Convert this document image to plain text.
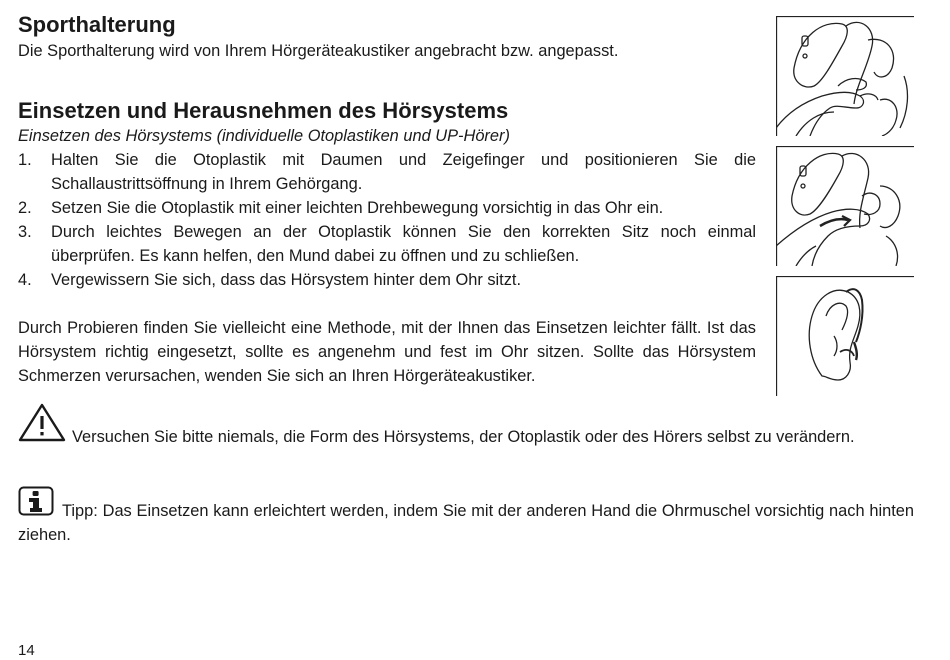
Sporthalterung

Die Sporthalterung wird von Ihrem Hörgeräteakustiker angebracht bzw. angepasst.

Einsetzen und Herausnehmen des Hörsystems

Einsetzen des Hörsystems (individuelle Otoplastiken und UP-Hörer)

1. Halten Sie die Otoplastik mit Daumen und Zeigefinger und positionieren Sie die Schallaustrittsöffnung in Ihrem Gehörgang.
2. Setzen Sie die Otoplastik mit einer leichten Drehbewegung vorsichtig in das Ohr ein.
3. Durch leichtes Bewegen an der Otoplastik können Sie den korrekten Sitz noch einmal überprüfen. Es kann helfen, den Mund dabei zu öffnen und zu schließen.
4. Vergewissern Sie sich, dass das Hörsystem hinter dem Ohr sitzt.

Durch Probieren finden Sie vielleicht eine Methode, mit der Ihnen das Einsetzen leichter fällt. Ist das Hörsystem richtig eingesetzt, sollte es angenehm und fest im Ohr sitzen. Sollte das Hörsystem Schmerzen verursachen, wenden Sie sich an Ihren Hörgeräteakustiker.

Versuchen Sie bitte niemals, die Form des Hörsystems, der Otoplastik oder des Hörers selbst zu verändern.
Tipp: Das Einsetzen kann erleichtert werden, indem Sie mit der anderen Hand die Ohrmuschel vorsichtig nach hinten ziehen.
14
